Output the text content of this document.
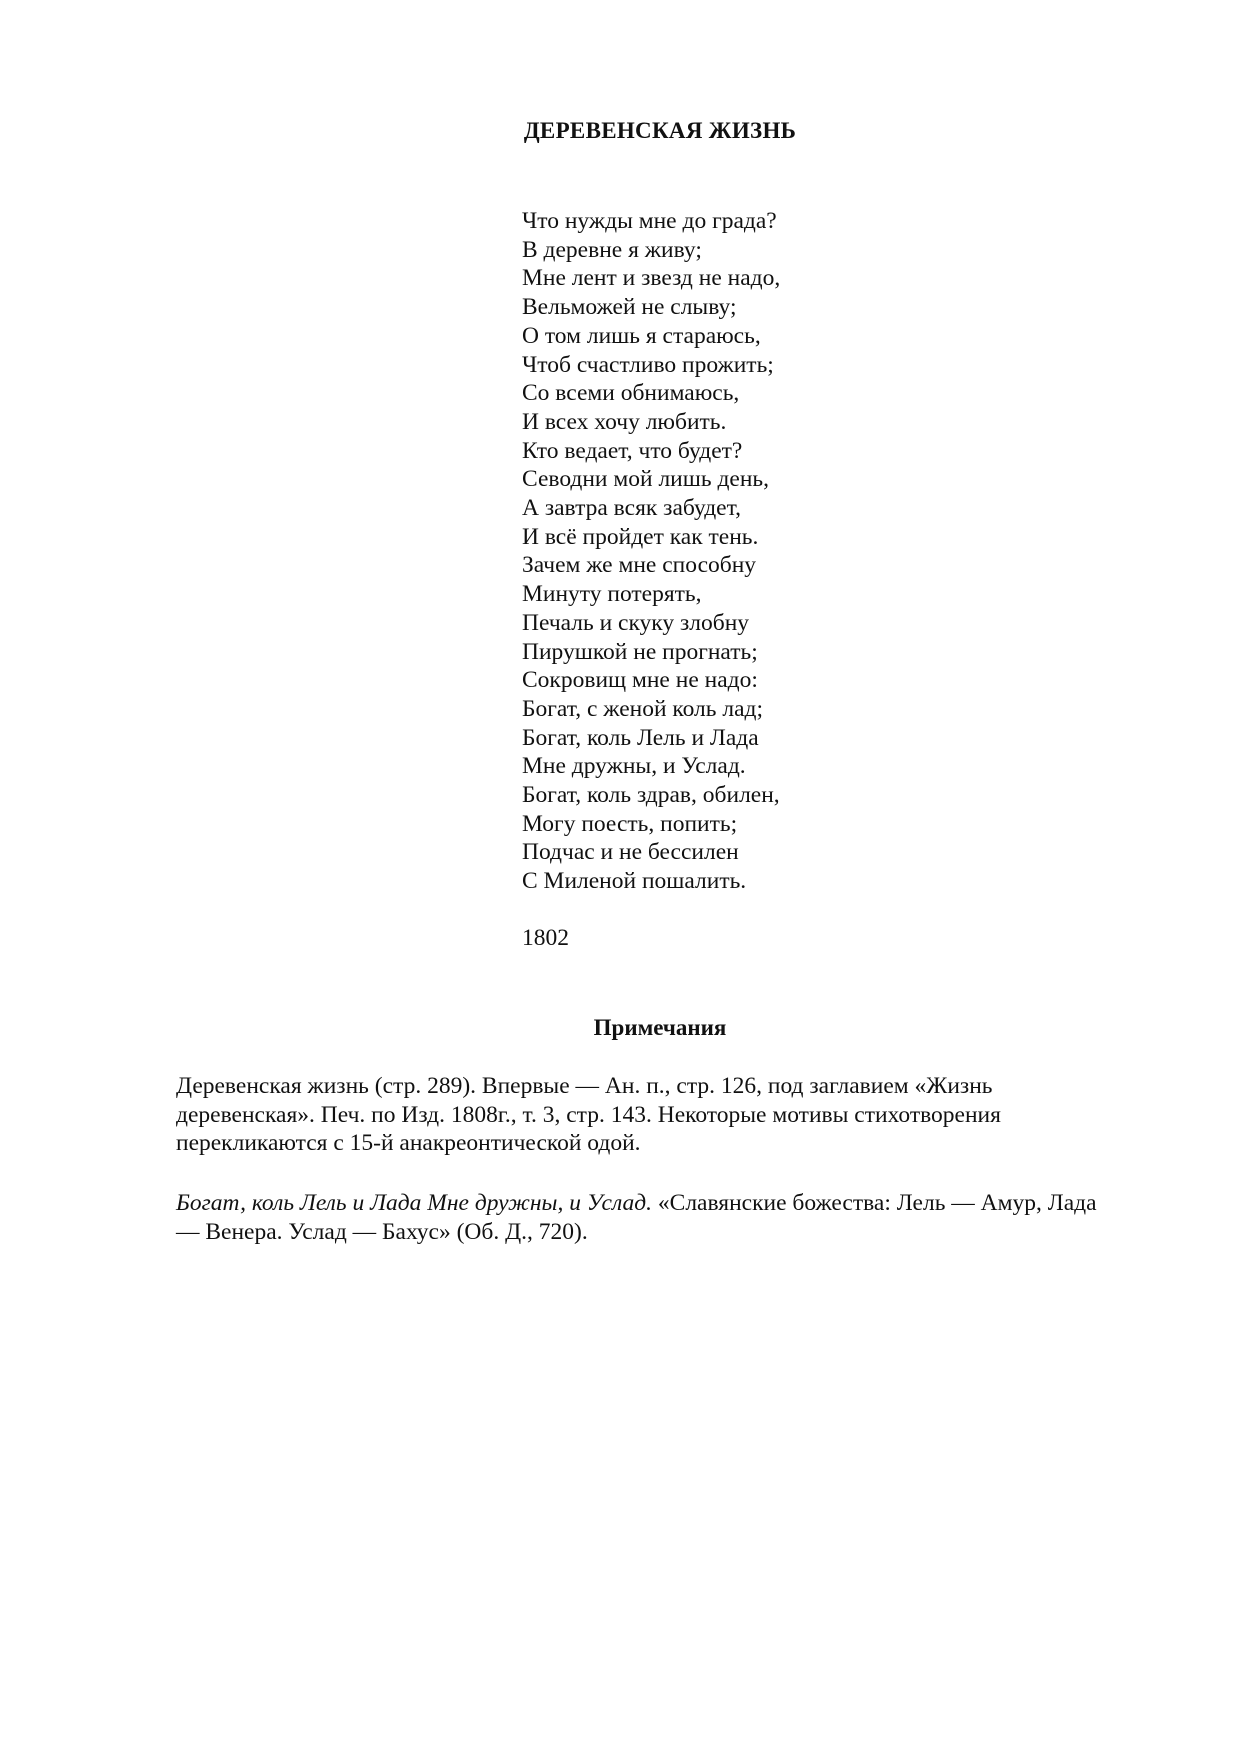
ДЕРЕВЕНСКАЯ ЖИЗНЬ
Что нужды мне до града?
В деревне я живу;
Мне лент и звезд не надо,
Вельможей не слыву;
О том лишь я стараюсь,
Чтоб счастливо прожить;
Со всеми обнимаюсь,
И всех хочу любить.
Кто ведает, что будет?
Севодни мой лишь день,
А завтра всяк забудет,
И всё пройдет как тень.
Зачем же мне способну
Минуту потерять,
Печаль и скуку злобну
Пирушкой не прогнать;
Сокровищ мне не надо:
Богат, с женой коль лад;
Богат, коль Лель и Лада
Мне дружны, и Услад.
Богат, коль здрав, обилен,
Могу поесть, попить;
Подчас и не бессилен
С Миленой пошалить.
1802
Примечания

Деревенская жизнь (стр. 289). Впервые — Ан. п., стр. 126, под заглавием «Жизнь деревенская». Печ. по Изд. 1808г., т. 3, стр. 143. Некоторые мотивы стихотворения перекликаются с 15-й анакреонтической одой.

Богат, коль Лель и Лада Мне дружны, и Услад. «Славянские божества: Лель — Амур, Лада — Венера. Услад — Бахус» (Об. Д., 720).
